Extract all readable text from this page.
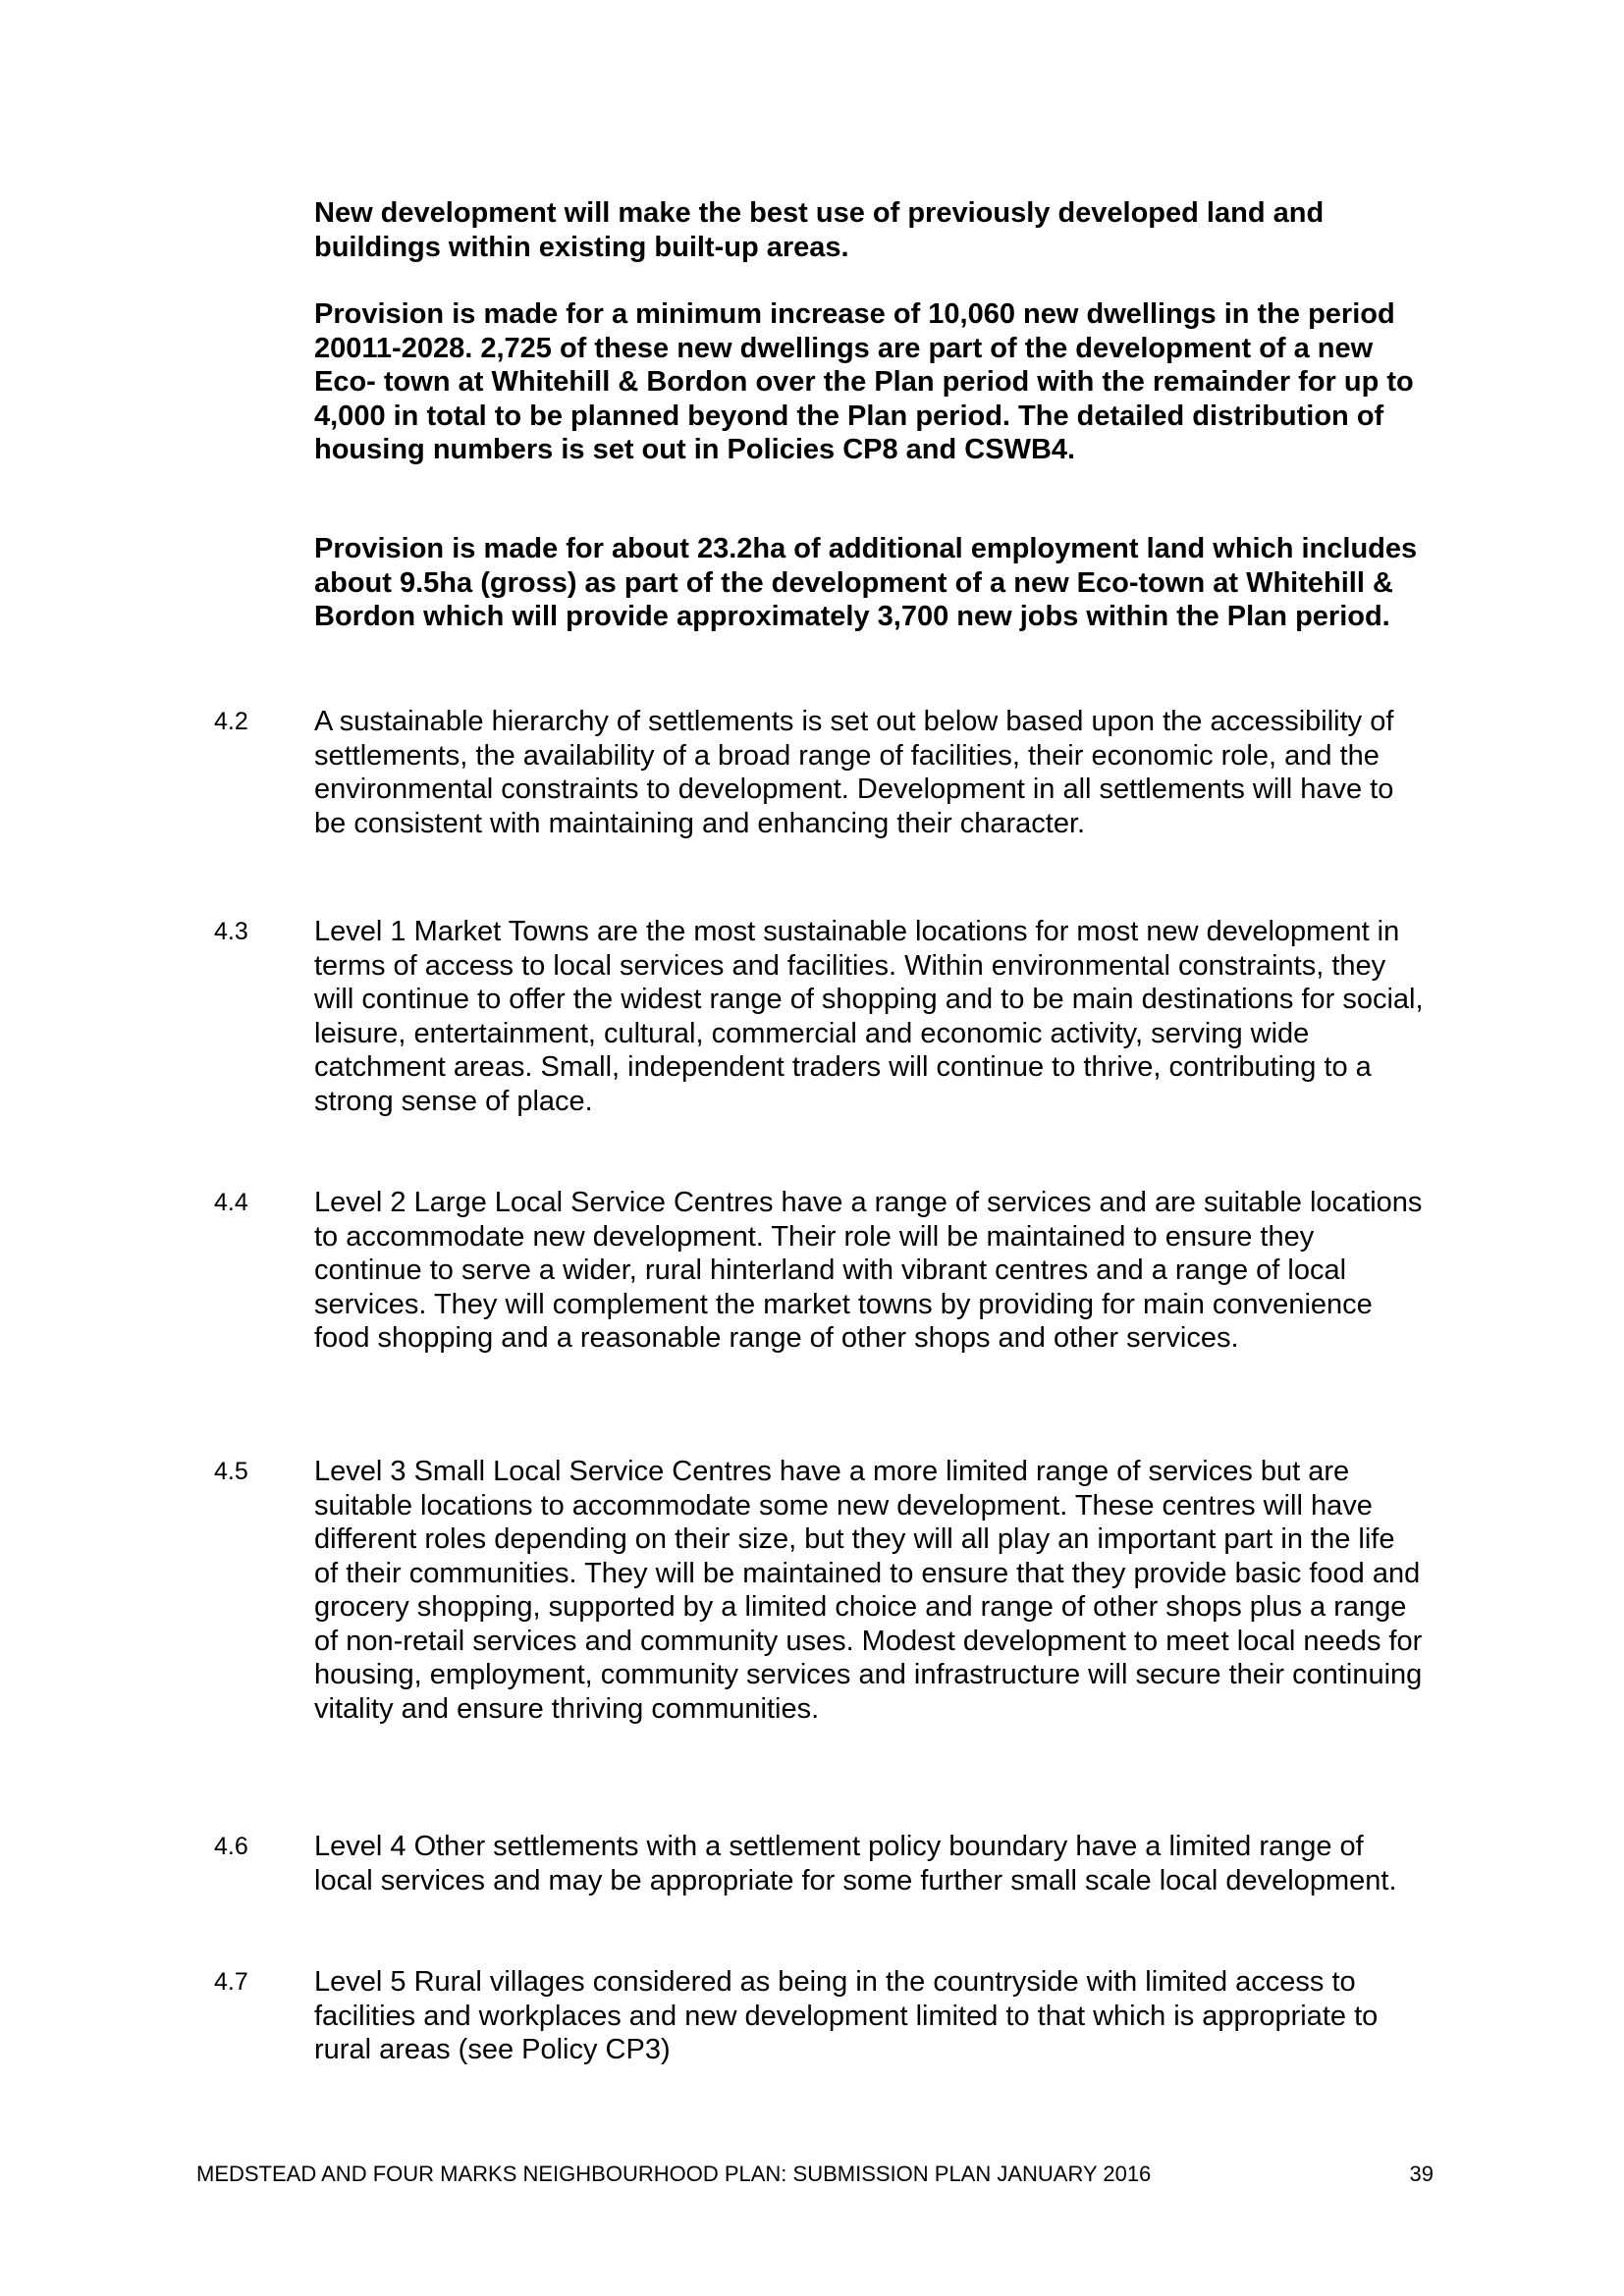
New development will make the best use of previously developed land and buildings within existing built-up areas.

Provision is made for a minimum increase of 10,060 new dwellings in the period 20011-2028. 2,725 of these new dwellings are part of the development of a new Eco- town at Whitehill & Bordon over the Plan period with the remainder for up to 4,000 in total to be planned beyond the Plan period. The detailed distribution of housing numbers is set out in Policies CP8 and CSWB4.

Provision is made for about 23.2ha of additional employment land which includes about 9.5ha (gross) as part of the development of a new Eco-town at Whitehill & Bordon which will provide approximately 3,700 new jobs within the Plan period.

4.2	A sustainable hierarchy of settlements is set out below based upon the accessibility of settlements, the availability of a broad range of facilities, their economic role, and the environmental constraints to development. Development in all settlements will have to be consistent with maintaining and enhancing their character.

4.3	Level 1 Market Towns are the most sustainable locations for most new development in terms of access to local services and facilities. Within environmental constraints, they will continue to offer the widest range of shopping and to be main destinations for social, leisure, entertainment, cultural, commercial and economic activity, serving wide catchment areas. Small, independent traders will continue to thrive, contributing to a strong sense of place.

4.4	Level 2 Large Local Service Centres have a range of services and are suitable locations to accommodate new development. Their role will be maintained to ensure they continue to serve a wider, rural hinterland with vibrant centres and a range of local services. They will complement the market towns by providing for main convenience food shopping and a reasonable range of other shops and other services.

4.5	Level 3 Small Local Service Centres have a more limited range of services but are suitable locations to accommodate some new development. These centres will have different roles depending on their size, but they will all play an important part in the life of their communities. They will be maintained to ensure that they provide basic food and grocery shopping, supported by a limited choice and range of other shops plus a range of non-retail services and community uses. Modest development to meet local needs for housing, employment, community services and infrastructure will secure their continuing vitality and ensure thriving communities.

4.6	Level 4 Other settlements with a settlement policy boundary have a limited range of local services and may be appropriate for some further small scale local development.

4.7	Level 5 Rural villages considered as being in the countryside with limited access to facilities and workplaces and new development limited to that which is appropriate to rural areas (see Policy CP3)

MEDSTEAD AND FOUR MARKS NEIGHBOURHOOD PLAN: SUBMISSION PLAN JANUARY 2016	39
